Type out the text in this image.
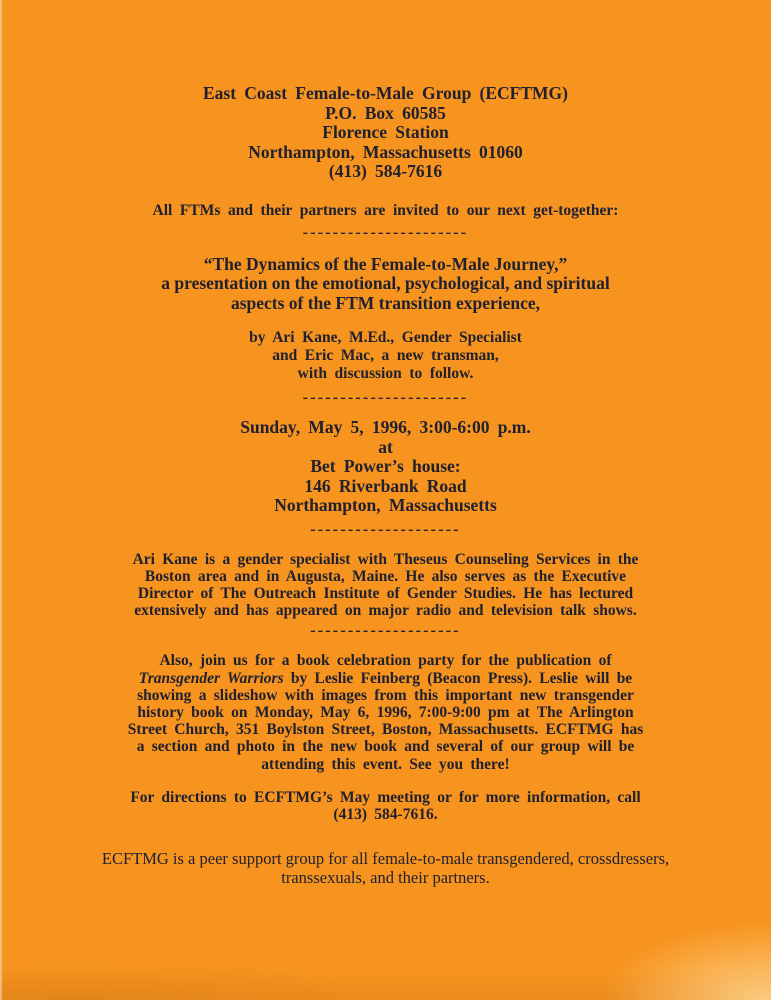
East Coast Female-to-Male Group (ECFTMG)
P.O. Box 60585
Florence Station
Northampton, Massachusetts 01060
(413) 584-7616
All FTMs and their partners are invited to our next get-together:
----------------------
“The Dynamics of the Female-to-Male Journey,”
a presentation on the emotional, psychological, and spiritual
aspects of the FTM transition experience,
by Ari Kane, M.Ed., Gender Specialist
and Eric Mac, a new transman,
with discussion to follow.
----------------------
Sunday, May 5, 1996, 3:00-6:00 p.m.
at
Bet Power’s house:
146 Riverbank Road
Northampton, Massachusetts
--------------------
Ari Kane is a gender specialist with Theseus Counseling Services in the
Boston area and in Augusta, Maine. He also serves as the Executive
Director of The Outreach Institute of Gender Studies. He has lectured
extensively and has appeared on major radio and television talk shows.
--------------------
Also, join us for a book celebration party for the publication of
Transgender Warriors by Leslie Feinberg (Beacon Press). Leslie will be
showing a slideshow with images from this important new transgender
history book on Monday, May 6, 1996, 7:00-9:00 pm at The Arlington
Street Church, 351 Boylston Street, Boston, Massachusetts. ECFTMG has
a section and photo in the new book and several of our group will be
attending this event. See you there!
For directions to ECFTMG’s May meeting or for more information, call
(413) 584-7616.
ECFTMG is a peer support group for all female-to-male transgendered, crossdressers,
transsexuals, and their partners.
